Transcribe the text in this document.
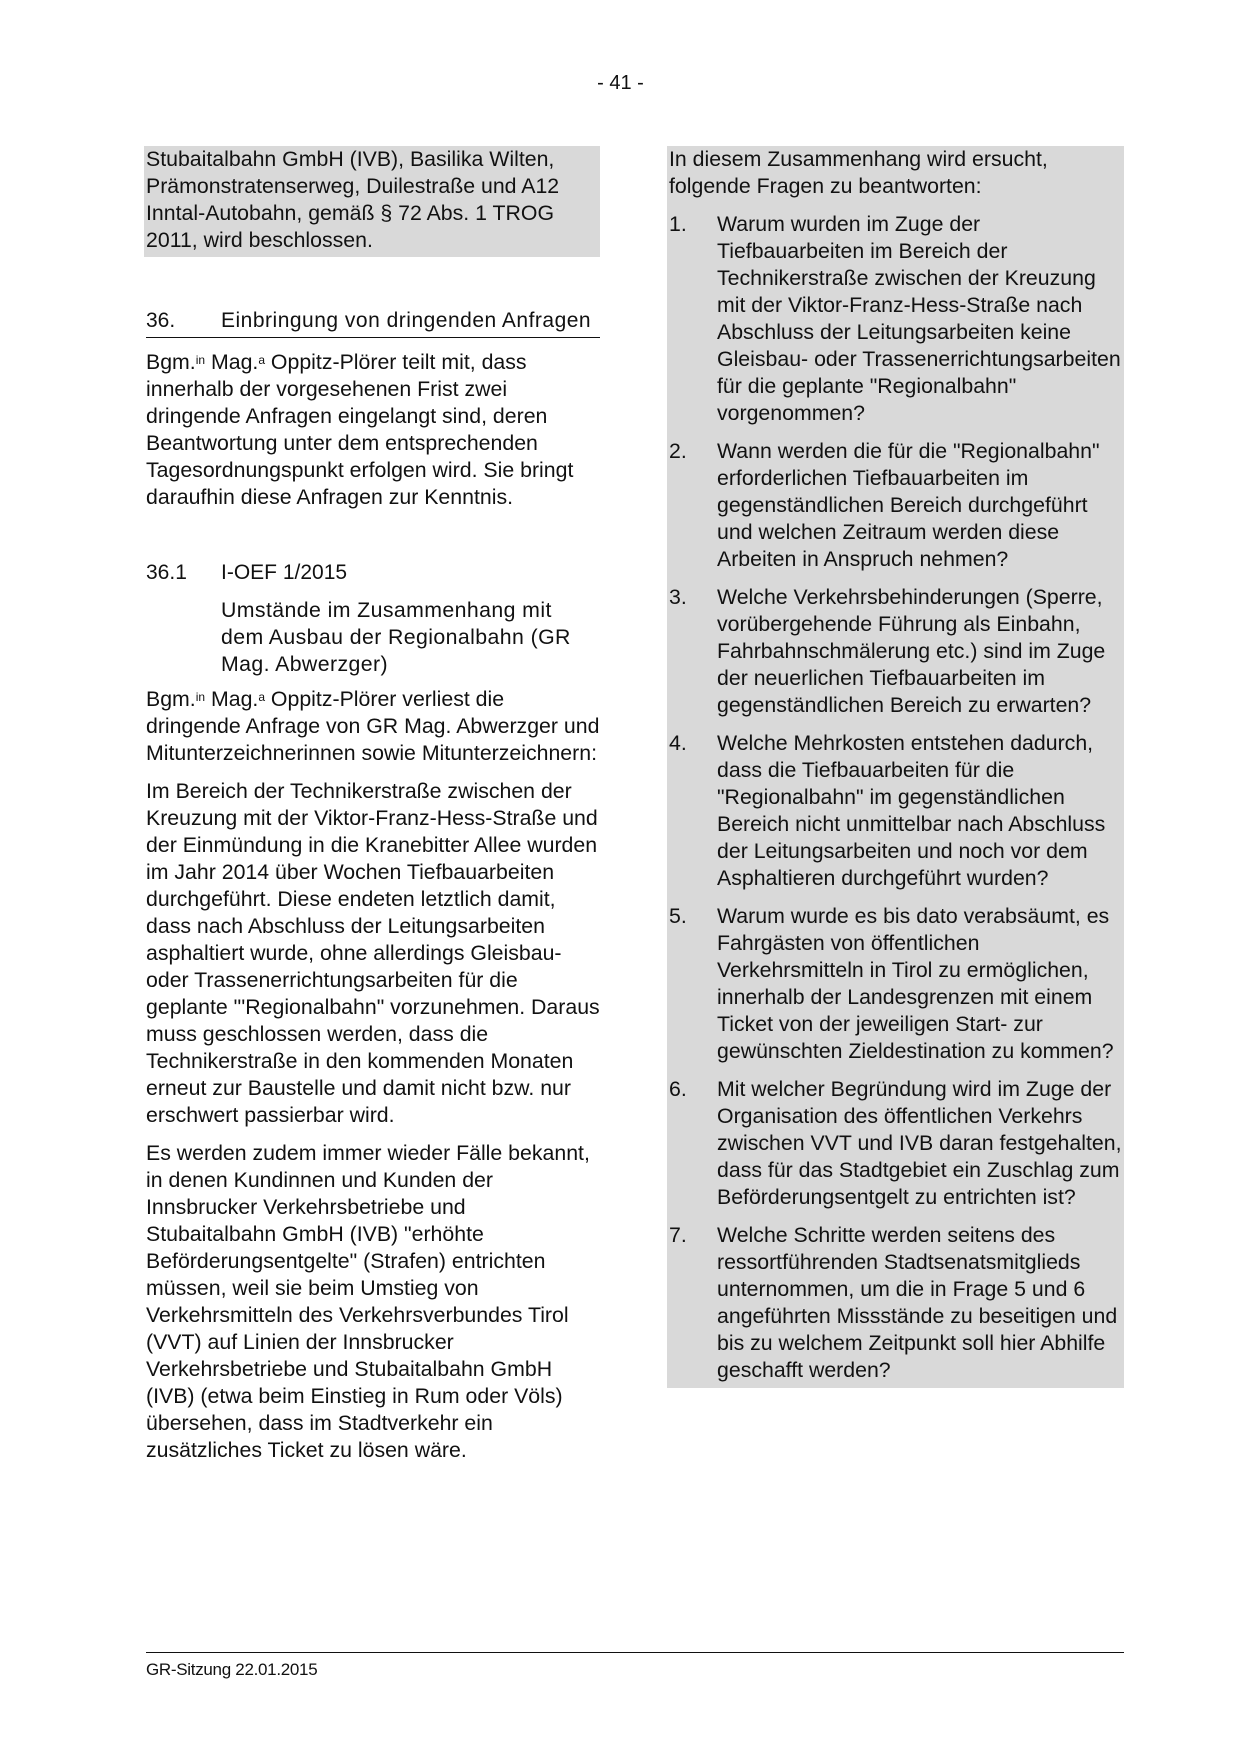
- 41 -
Stubaitalbahn GmbH (IVB), Basilika Wilten, Prämonstratenserweg, Duilestraße und A12 Inntal-Autobahn, gemäß § 72 Abs. 1 TROG 2011, wird beschlossen.
36.	Einbringung von dringenden Anfragen

Bgm.$^{in}$ Mag.$^a$ Oppitz-Plörer teilt mit, dass innerhalb der vorgesehenen Frist zwei dringende Anfragen eingelangt sind, deren Beantwortung unter dem entsprechenden Tagesordnungspunkt erfolgen wird. Sie bringt daraufhin diese Anfragen zur Kenntnis.

36.1	I-OEF 1/2015
Umstände im Zusammenhang mit dem Ausbau der Regionalbahn (GR Mag. Abwerzger)

Bgm.$^{in}$ Mag.$^a$ Oppitz-Plörer verliest die dringende Anfrage von GR Mag. Abwerzger und Mitunterzeichnerinnen sowie Mitunterzeichnern:

Im Bereich der Technikerstraße zwischen der Kreuzung mit der Viktor-Franz-Hess-Straße und der Einmündung in die Kranebitter Allee wurden im Jahr 2014 über Wochen Tiefbauarbeiten durchgeführt. Diese endeten letztlich damit, dass nach Abschluss der Leitungsarbeiten asphaltiert wurde, ohne allerdings Gleisbau- oder Trassenerrichtungsarbeiten für die geplante "'Regionalbahn" vorzunehmen. Daraus muss geschlossen werden, dass die Technikerstraße in den kommenden Monaten erneut zur Baustelle und damit nicht bzw. nur erschwert passierbar wird.

Es werden zudem immer wieder Fälle bekannt, in denen Kundinnen und Kunden der Innsbrucker Verkehrsbetriebe und Stubaitalbahn GmbH (IVB) "erhöhte Beförderungsentgelte" (Strafen) entrichten müssen, weil sie beim Umstieg von Verkehrsmitteln des Verkehrsverbundes Tirol (VVT) auf Linien der Innsbrucker Verkehrsbetriebe und Stubaitalbahn GmbH (IVB) (etwa beim Einstieg in Rum oder Völs) übersehen, dass im Stadtverkehr ein zusätzliches Ticket zu lösen wäre.

In diesem Zusammenhang wird ersucht, folgende Fragen zu beantworten:
1.	Warum wurden im Zuge der Tiefbauarbeiten im Bereich der Technikerstraße zwischen der Kreuzung mit der Viktor-Franz-Hess-Straße nach Abschluss der Leitungsarbeiten keine Gleisbau- oder Trassenerrichtungsarbeiten für die geplante "Regionalbahn" vorgenommen?
2.	Wann werden die für die "Regionalbahn" erforderlichen Tiefbauarbeiten im gegenständlichen Bereich durchgeführt und welchen Zeitraum werden diese Arbeiten in Anspruch nehmen?
3.	Welche Verkehrsbehinderungen (Sperre, vorübergehende Führung als Einbahn, Fahrbahnschmälerung etc.) sind im Zuge der neuerlichen Tiefbauarbeiten im gegenständlichen Bereich zu erwarten?
4.	Welche Mehrkosten entstehen dadurch, dass die Tiefbauarbeiten für die "Regionalbahn" im gegenständlichen Bereich nicht unmittelbar nach Abschluss der Leitungsarbeiten und noch vor dem Asphaltieren durchgeführt wurden?
5.	Warum wurde es bis dato verabsäumt, es Fahrgästen von öffentlichen Verkehrsmitteln in Tirol zu ermöglichen, innerhalb der Landesgrenzen mit einem Ticket von der jeweiligen Start- zur gewünschten Zieldestination zu kommen?
6.	Mit welcher Begründung wird im Zuge der Organisation des öffentlichen Verkehrs zwischen VVT und IVB daran festgehalten, dass für das Stadtgebiet ein Zuschlag zum Beförderungsentgelt zu entrichten ist?
7.	Welche Schritte werden seitens des ressortführenden Stadtsenatsmitglieds unternommen, um die in Frage 5 und 6 angeführten Missstände zu beseitigen und bis zu welchem Zeitpunkt soll hier Abhilfe geschafft werden?
GR-Sitzung 22.01.2015
